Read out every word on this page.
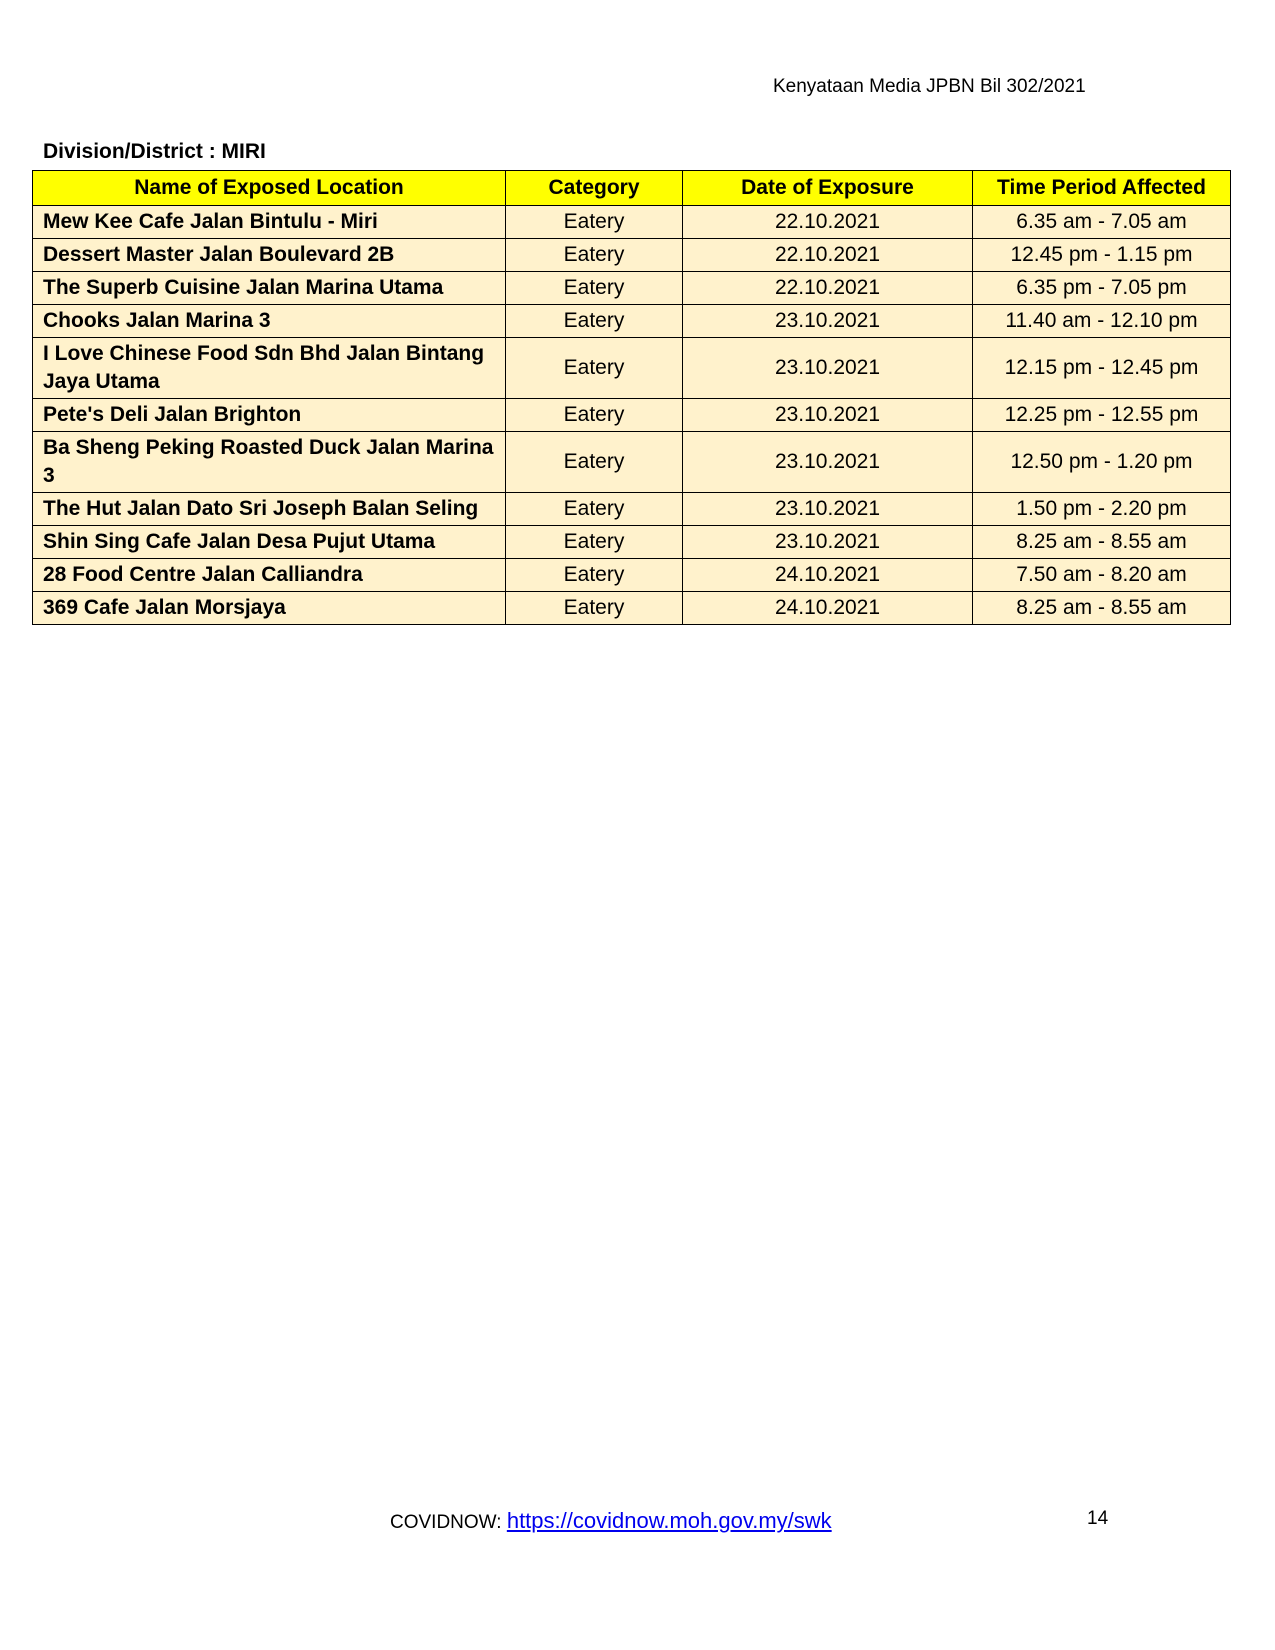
Kenyataan Media JPBN Bil 302/2021
Division/District : MIRI
Name of Exposed Location	Category	Date of Exposure	Time Period Affected
Mew Kee Cafe Jalan Bintulu - Miri	Eatery	22.10.2021	6.35 am - 7.05 am
Dessert Master Jalan Boulevard 2B	Eatery	22.10.2021	12.45 pm - 1.15 pm
The Superb Cuisine Jalan Marina Utama	Eatery	22.10.2021	6.35 pm - 7.05 pm
Chooks Jalan Marina 3	Eatery	23.10.2021	11.40 am - 12.10 pm
I Love Chinese Food Sdn Bhd Jalan Bintang Jaya Utama	Eatery	23.10.2021	12.15 pm - 12.45 pm
Pete's Deli Jalan Brighton	Eatery	23.10.2021	12.25 pm - 12.55 pm
Ba Sheng Peking Roasted Duck Jalan Marina 3	Eatery	23.10.2021	12.50 pm - 1.20 pm
The Hut Jalan Dato Sri Joseph Balan Seling	Eatery	23.10.2021	1.50 pm - 2.20 pm
Shin Sing Cafe Jalan Desa Pujut Utama	Eatery	23.10.2021	8.25 am - 8.55 am
28 Food Centre Jalan Calliandra	Eatery	24.10.2021	7.50 am - 8.20 am
369 Cafe Jalan Morsjaya	Eatery	24.10.2021	8.25 am - 8.55 am
COVIDNOW: https://covidnow.moh.gov.my/swk	14
